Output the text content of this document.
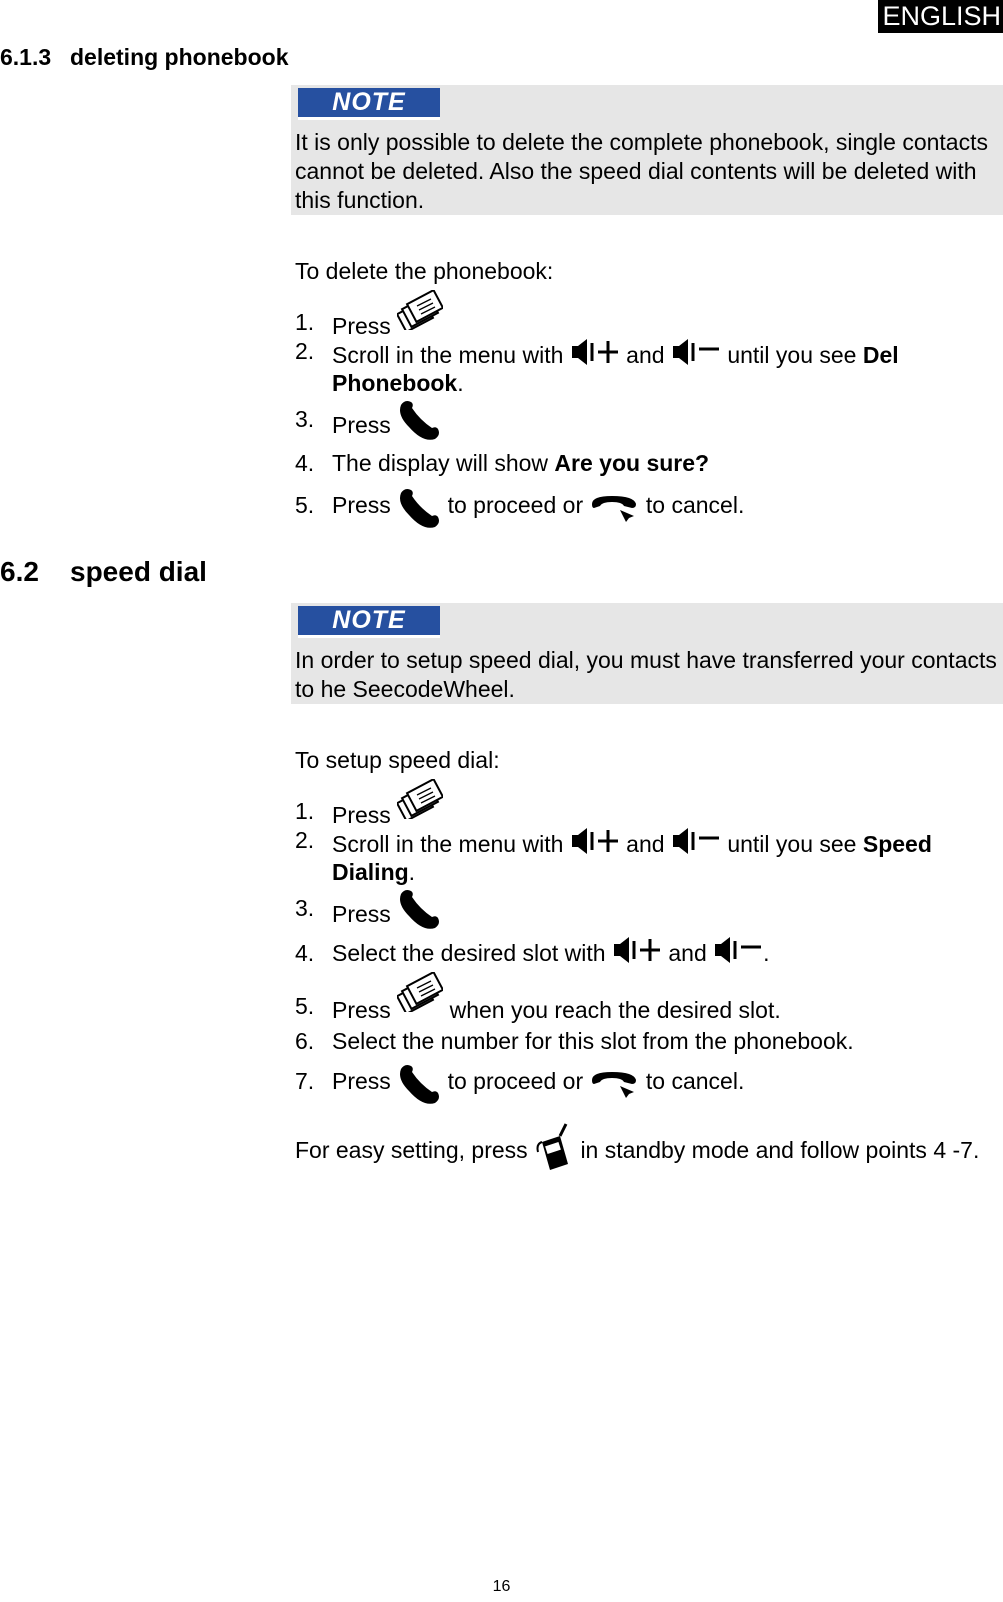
ENGLISH
6.1.3 deleting phonebook
NOTE
It is only possible to delete the complete phonebook, single contacts cannot be deleted. Also the speed dial contents will be deleted with this function.
To delete the phonebook:
1. Press
2. Scroll in the menu with	and	until you see Del Phonebook.
3. Press
4. The display will show Are you sure?
5. Press to proceed or	to cancel.
6.2 speed dial
NOTE
In order to setup speed dial, you must have transferred your contacts to he SeecodeWheel.
To setup speed dial:
1. Press
2. Scroll in the menu with	and	until you see Speed Dialing.
3. Press
4. Select the desired slot with	and .
5. Press	when you reach the desired slot.
6. Select the number for this slot from the phonebook.
7. Press to proceed or	to cancel.
For easy setting, press in standby mode and follow points 4 -7.
16
